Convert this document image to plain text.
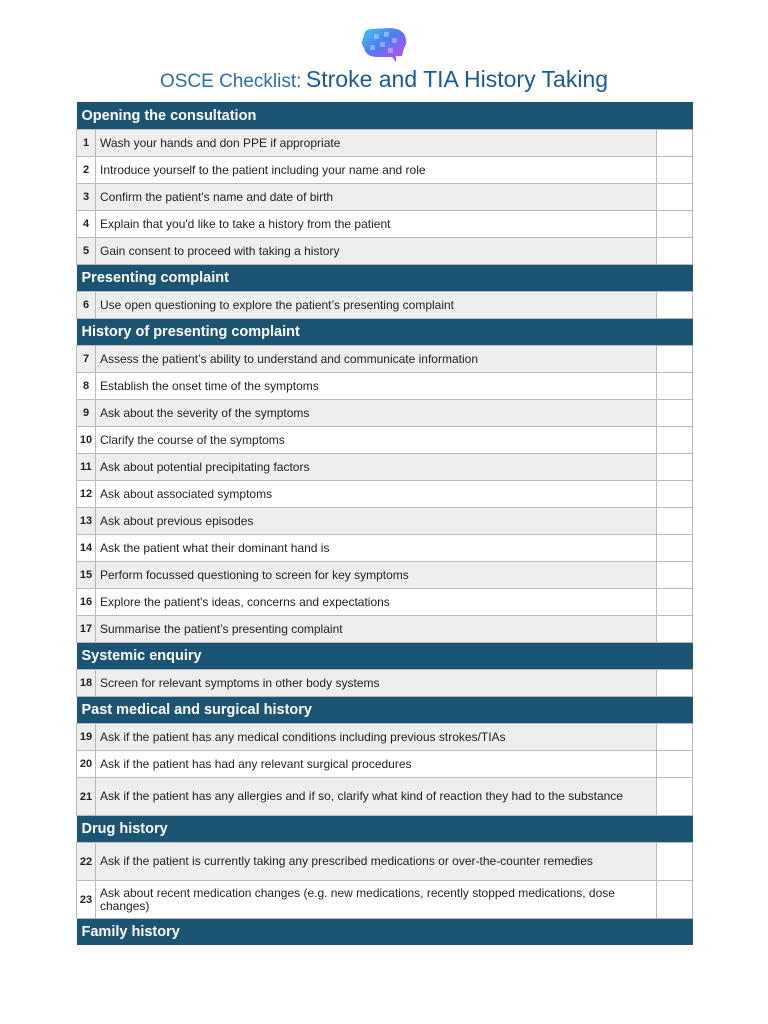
OSCE Checklist: Stroke and TIA History Taking
Opening the consultation		
1	Wash your hands and don PPE if appropriate	
2	Introduce yourself to the patient including your name and role	
3	Confirm the patient's name and date of birth	
4	Explain that you'd like to take a history from the patient	
5	Gain consent to proceed with taking a history	
Presenting complaint		
6	Use open questioning to explore the patient’s presenting complaint	
History of presenting complaint		
7	Assess the patient’s ability to understand and communicate information	
8	Establish the onset time of the symptoms	
9	Ask about the severity of the symptoms	
10	Clarify the course of the symptoms	
11	Ask about potential precipitating factors	
12	Ask about associated symptoms	
13	Ask about previous episodes	
14	Ask the patient what their dominant hand is	
15	Perform focussed questioning to screen for key symptoms	
16	Explore the patient's ideas, concerns and expectations	
17	Summarise the patient’s presenting complaint	
Systemic enquiry		
18	Screen for relevant symptoms in other body systems	
Past medical and surgical history		
19	Ask if the patient has any medical conditions including previous strokes/TIAs	
20	Ask if the patient has had any relevant surgical procedures	
21	Ask if the patient has any allergies and if so, clarify what kind of reaction they had to the substance	
Drug history		
22	Ask if the patient is currently taking any prescribed medications or over-the-counter remedies	
23	Ask about recent medication changes (e.g. new medications, recently stopped medications, dose changes)	
Family history		
